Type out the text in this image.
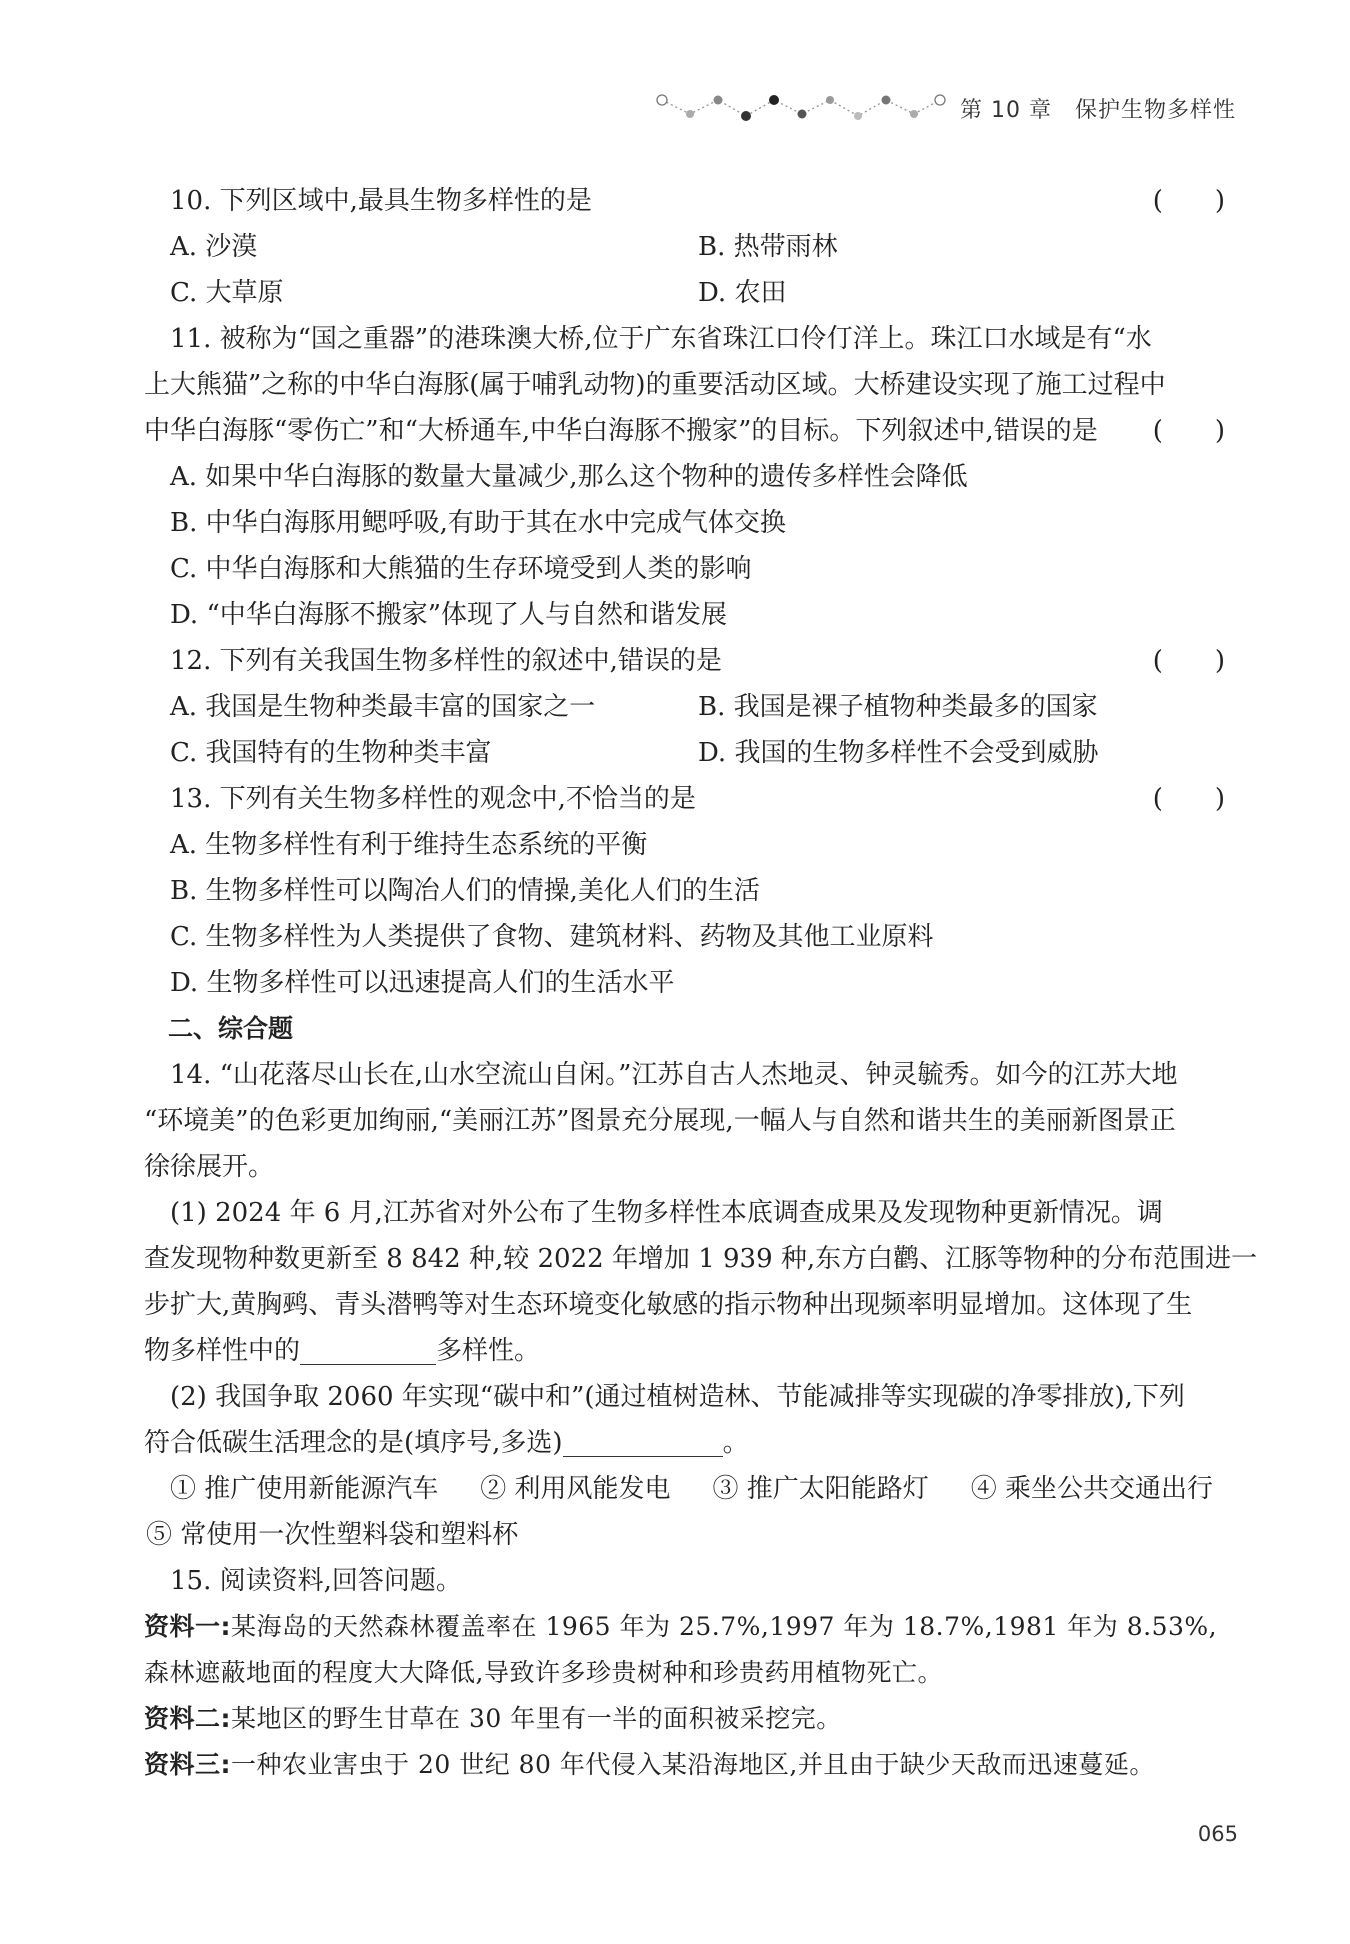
第 10 章　保护生物多样性
10. 下列区域中,最具生物多样性的是	(　　)
A. 沙漠	B. 热带雨林
C. 大草原	D. 农田
11. 被称为“国之重器”的港珠澳大桥,位于广东省珠江口伶仃洋上。珠江口水域是有“水
上大熊猫”之称的中华白海豚(属于哺乳动物)的重要活动区域。大桥建设实现了施工过程中
中华白海豚“零伤亡”和“大桥通车,中华白海豚不搬家”的目标。下列叙述中,错误的是 (　　)
A. 如果中华白海豚的数量大量减少,那么这个物种的遗传多样性会降低
B. 中华白海豚用鳃呼吸,有助于其在水中完成气体交换
C. 中华白海豚和大熊猫的生存环境受到人类的影响
D. “中华白海豚不搬家”体现了人与自然和谐发展
12. 下列有关我国生物多样性的叙述中,错误的是	(　　)
A. 我国是生物种类最丰富的国家之一	B. 我国是裸子植物种类最多的国家
C. 我国特有的生物种类丰富	D. 我国的生物多样性不会受到威胁
13. 下列有关生物多样性的观念中,不恰当的是	(　　)
A. 生物多样性有利于维持生态系统的平衡
B. 生物多样性可以陶冶人们的情操,美化人们的生活
C. 生物多样性为人类提供了食物、建筑材料、药物及其他工业原料
D. 生物多样性可以迅速提高人们的生活水平
二、综合题
14. “山花落尽山长在,山水空流山自闲。”江苏自古人杰地灵、钟灵毓秀。如今的江苏大地
“环境美”的色彩更加绚丽,“美丽江苏”图景充分展现,一幅人与自然和谐共生的美丽新图景正
徐徐展开。
(1) 2024 年 6 月,江苏省对外公布了生物多样性本底调查成果及发现物种更新情况。调
查发现物种数更新至 8 842 种,较 2022 年增加 1 939 种,东方白鹳、江豚等物种的分布范围进一
步扩大,黄胸鹀、青头潜鸭等对生态环境变化敏感的指示物种出现频率明显增加。这体现了生
物多样性中的	多样性。
(2) 我国争取 2060 年实现“碳中和”(通过植树造林、节能减排等实现碳的净零排放),下列
符合低碳生活理念的是(填序号,多选)	。
① 推广使用新能源汽车 ② 利用风能发电 ③ 推广太阳能路灯 ④ 乘坐公共交通出行
⑤ 常使用一次性塑料袋和塑料杯
15. 阅读资料,回答问题。
资料一:某海岛的天然森林覆盖率在 1965 年为 25.7%,1997 年为 18.7%,1981 年为 8.53%,
森林遮蔽地面的程度大大降低,导致许多珍贵树种和珍贵药用植物死亡。
资料二:某地区的野生甘草在 30 年里有一半的面积被采挖完。
资料三:一种农业害虫于 20 世纪 80 年代侵入某沿海地区,并且由于缺少天敌而迅速蔓延。
065
